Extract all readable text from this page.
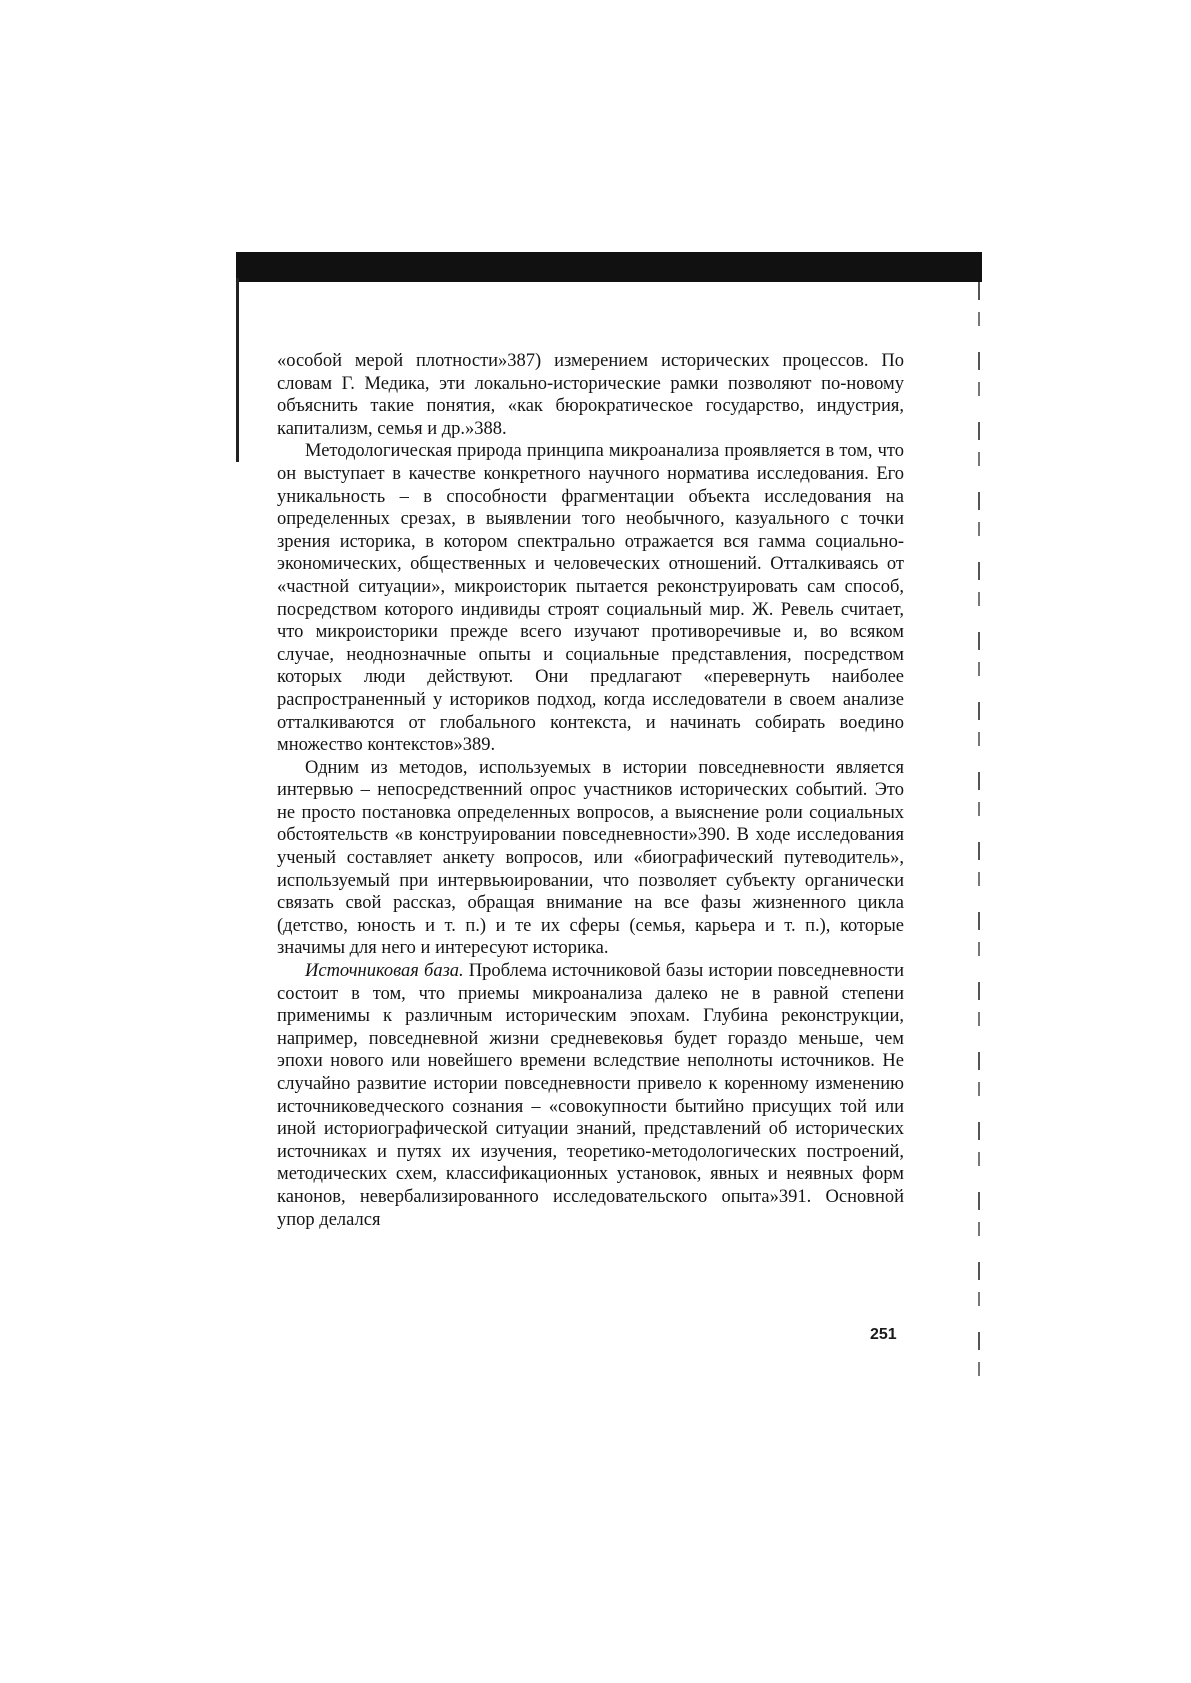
«особой мерой плотности»387) измерением исторических процессов. По словам Г. Медика, эти локально-исторические рамки позволяют по-новому объяснить такие понятия, «как бюрократическое государство, индустрия, капитализм, семья и др.»388.

Методологическая природа принципа микроанализа проявляется в том, что он выступает в качестве конкретного научного норматива исследования. Его уникальность – в способности фрагментации объекта исследования на определенных срезах, в выявлении того необычного, казуального с точки зрения историка, в котором спектрально отражается вся гамма социально-экономических, общественных и человеческих отношений. Отталкиваясь от «частной ситуации», микроисторик пытается реконструировать сам способ, посредством которого индивиды строят социальный мир. Ж. Ревель считает, что микроисторики прежде всего изучают противоречивые и, во всяком случае, неоднозначные опыты и социальные представления, посредством которых люди действуют. Они предлагают «перевернуть наиболее распространенный у историков подход, когда исследователи в своем анализе отталкиваются от глобального контекста, и начинать собирать воедино множество контекстов»389.

Одним из методов, используемых в истории повседневности является интервью – непосредственний опрос участников исторических событий. Это не просто постановка определенных вопросов, а выяснение роли социальных обстоятельств «в конструировании повседневности»390. В ходе исследования ученый составляет анкету вопросов, или «биографический путеводитель», используемый при интервьюировании, что позволяет субъекту органически связать свой рассказ, обращая внимание на все фазы жизненного цикла (детство, юность и т. п.) и те их сферы (семья, карьера и т. п.), которые значимы для него и интересуют историка.

Источниковая база. Проблема источниковой базы истории повседневности состоит в том, что приемы микроанализа далеко не в равной степени применимы к различным историческим эпохам. Глубина реконструкции, например, повседневной жизни средневековья будет гораздо меньше, чем эпохи нового или новейшего времени вследствие неполноты источников. Не случайно развитие истории повседневности привело к коренному изменению источниковедческого сознания – «совокупности бытийно присущих той или иной историографической ситуации знаний, представлений об исторических источниках и путях их изучения, теоретико-методологических построений, методических схем, классификационных установок, явных и неявных форм канонов, невербализированного исследовательского опыта»391. Основной упор делался

251
